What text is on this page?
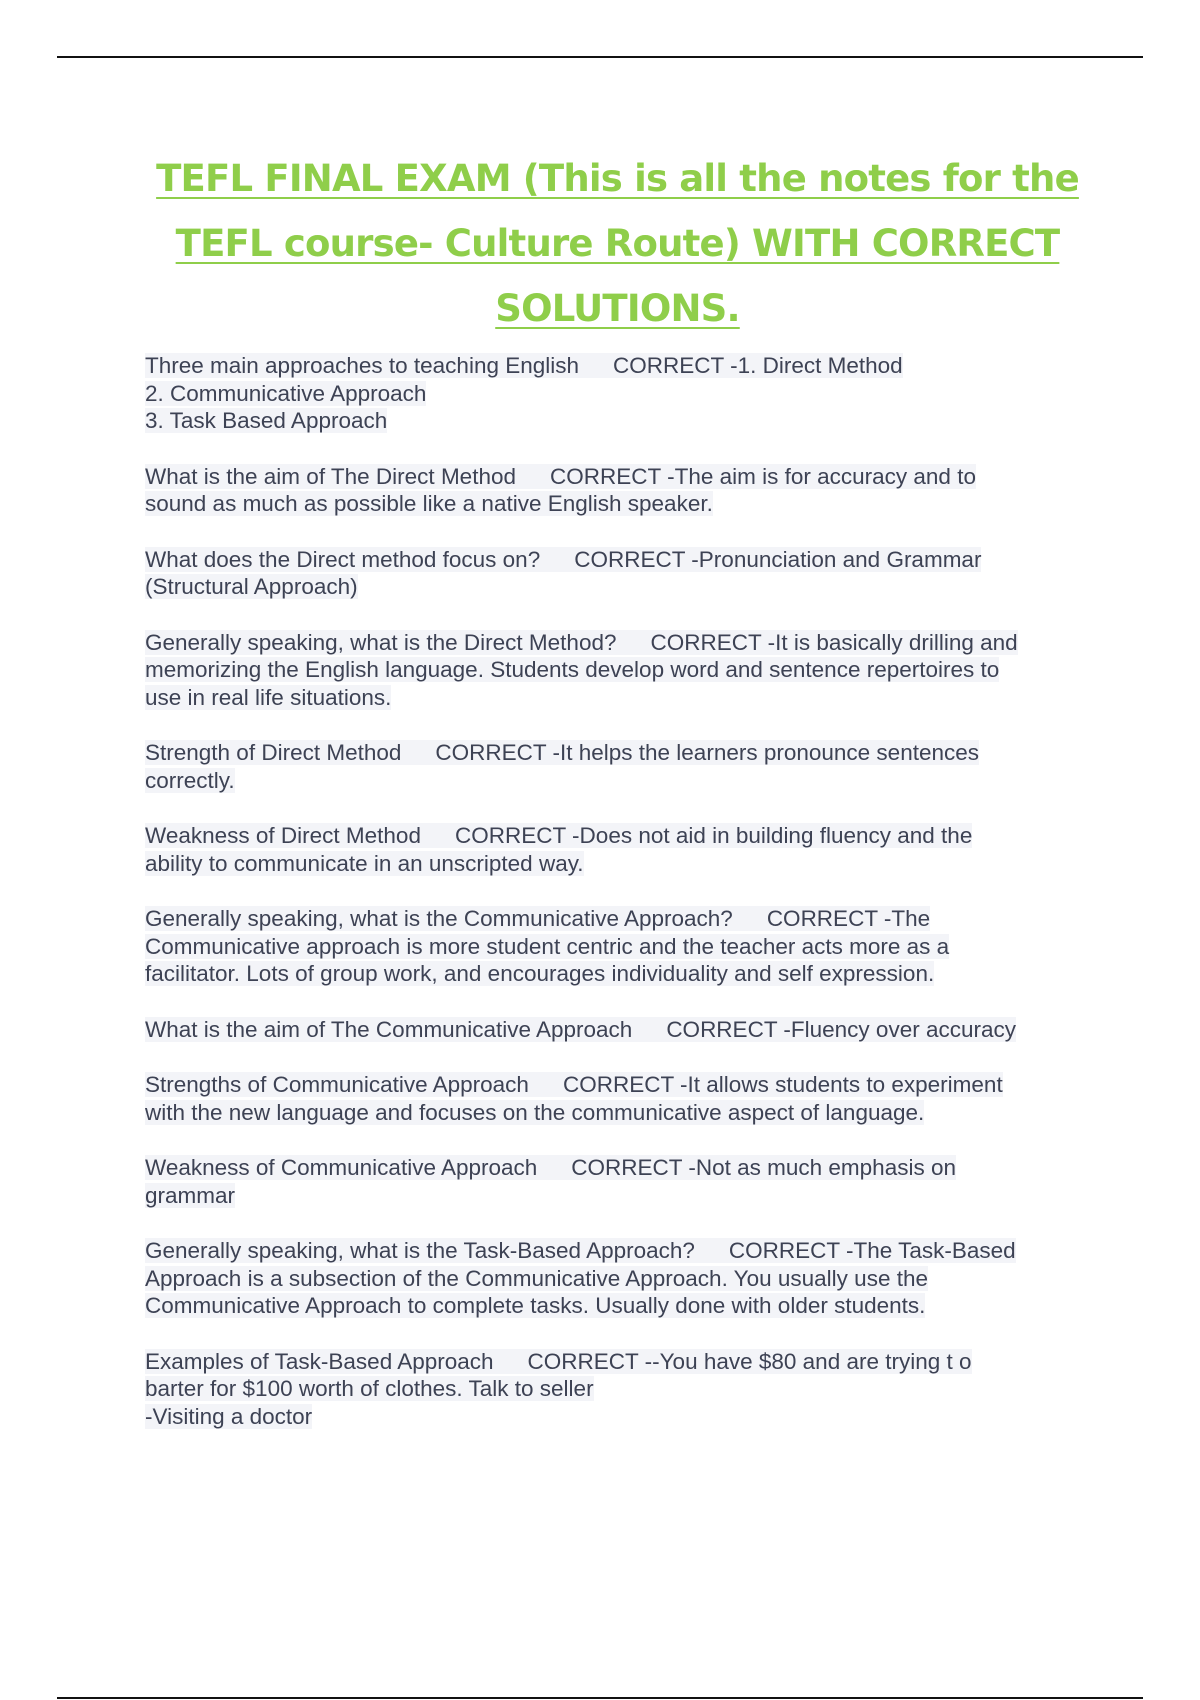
TEFL FINAL EXAM (This is all the notes for the
TEFL course- Culture Route) WITH CORRECT
SOLUTIONS.

Three main approaches to teaching English CORRECT -1. Direct Method
2. Communicative Approach
3. Task Based Approach

What is the aim of The Direct Method CORRECT -The aim is for accuracy and to
sound as much as possible like a native English speaker.

What does the Direct method focus on? CORRECT -Pronunciation and Grammar
(Structural Approach)

Generally speaking, what is the Direct Method? CORRECT -It is basically drilling and
memorizing the English language. Students develop word and sentence repertoires to
use in real life situations.

Strength of Direct Method CORRECT -It helps the learners pronounce sentences
correctly.

Weakness of Direct Method CORRECT -Does not aid in building fluency and the
ability to communicate in an unscripted way.

Generally speaking, what is the Communicative Approach? CORRECT -The
Communicative approach is more student centric and the teacher acts more as a
facilitator. Lots of group work, and encourages individuality and self expression.

What is the aim of The Communicative Approach CORRECT -Fluency over accuracy

Strengths of Communicative Approach CORRECT -It allows students to experiment
with the new language and focuses on the communicative aspect of language.

Weakness of Communicative Approach CORRECT -Not as much emphasis on
grammar

Generally speaking, what is the Task-Based Approach? CORRECT -The Task-Based
Approach is a subsection of the Communicative Approach. You usually use the
Communicative Approach to complete tasks. Usually done with older students.

Examples of Task-Based Approach CORRECT --You have $80 and are trying t o
barter for $100 worth of clothes. Talk to seller
-Visiting a doctor
